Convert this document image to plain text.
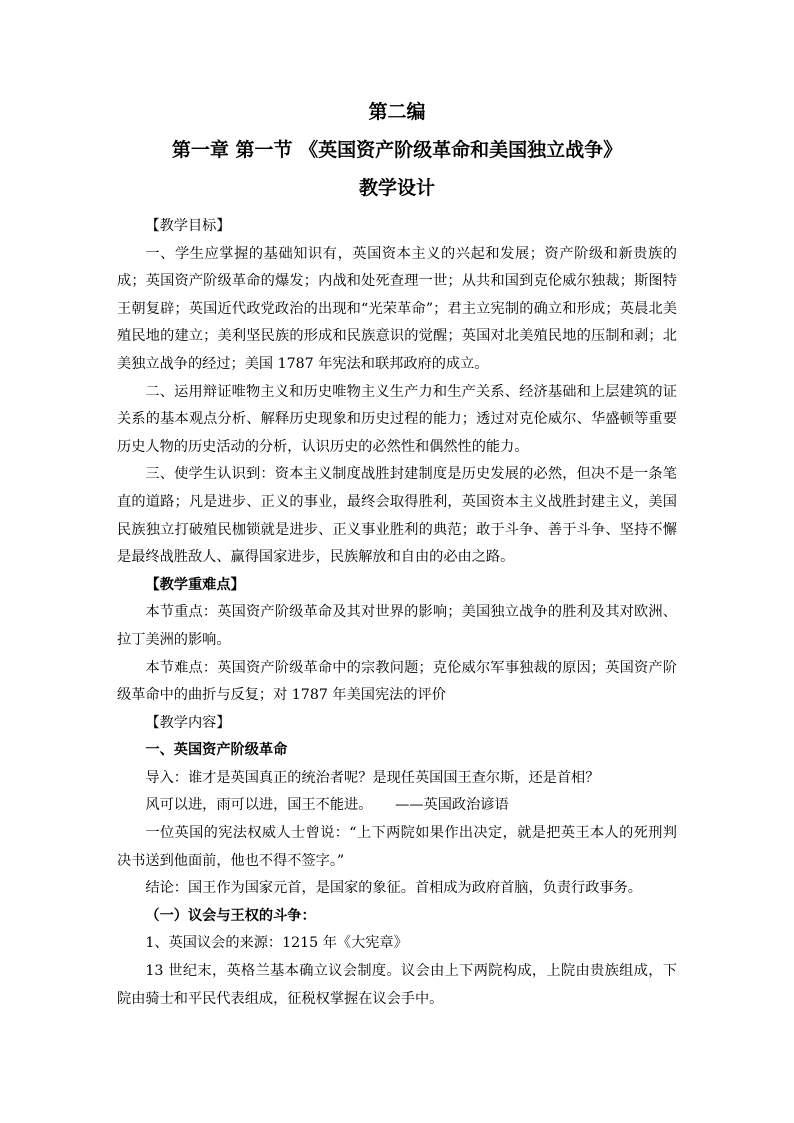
第二编
第一章 第一节 《英国资产阶级革命和美国独立战争》
教学设计

【教学目标】

一、学生应掌握的基础知识有，英国资本主义的兴起和发展；资产阶级和新贵族的成；英国资产阶级革命的爆发；内战和处死查理一世；从共和国到克伦威尔独裁；斯图特王朝复辟；英国近代政党政治的出现和“光荣革命”；君主立宪制的确立和形成；英晨北美殖民地的建立；美利坚民族的形成和民族意识的觉醒；英国对北美殖民地的压制和剥；北美独立战争的经过；美国 1787 年宪法和联邦政府的成立。

二、运用辩证唯物主义和历史唯物主义生产力和生产关系、经济基础和上层建筑的证关系的基本观点分析、解释历史现象和历史过程的能力；透过对克伦威尔、华盛顿等重要历史人物的历史活动的分析，认识历史的必然性和偶然性的能力。

三、使学生认识到：资本主义制度战胜封建制度是历史发展的必然，但决不是一条笔直的道路；凡是进步、正义的事业，最终会取得胜利，英国资本主义战胜封建主义，美国民族独立打破殖民枷锁就是进步、正义事业胜利的典范；敢于斗争、善于斗争、坚持不懈是最终战胜敌人、赢得国家进步，民族解放和自由的必由之路。

【教学重难点】

本节重点：英国资产阶级革命及其对世界的影响；美国独立战争的胜利及其对欧洲、拉丁美洲的影响。

本节难点：英国资产阶级革命中的宗教问题；克伦威尔军事独裁的原因；英国资产阶级革命中的曲折与反复；对 1787 年美国宪法的评价

【教学内容】

一、英国资产阶级革命

导入：谁才是英国真正的统治者呢？是现任英国国王查尔斯，还是首相？

风可以进，雨可以进，国王不能进。 ——英国政治谚语

一位英国的宪法权威人士曾说：“上下两院如果作出决定，就是把英王本人的死刑判决书送到他面前，他也不得不签字。”

结论：国王作为国家元首，是国家的象征。首相成为政府首脑，负责行政事务。

（一）议会与王权的斗争：

1、英国议会的来源：1215 年《大宪章》

13 世纪末，英格兰基本确立议会制度。议会由上下两院构成，上院由贵族组成，下院由骑士和平民代表组成，征税权掌握在议会手中。
